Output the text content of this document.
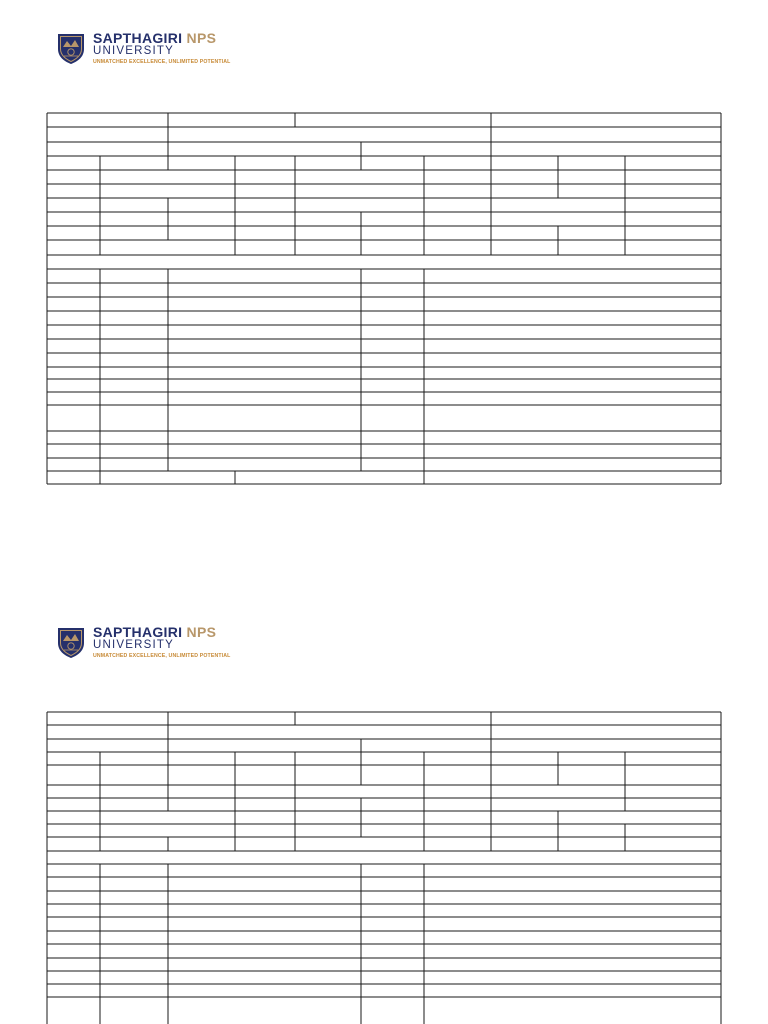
SAPTHAGIRI NPS
UNIVERSITY
UNMATCHED EXCELLENCE, UNLIMITED POTENTIAL
SAPTHAGIRI NPS
UNIVERSITY
UNMATCHED EXCELLENCE, UNLIMITED POTENTIAL
